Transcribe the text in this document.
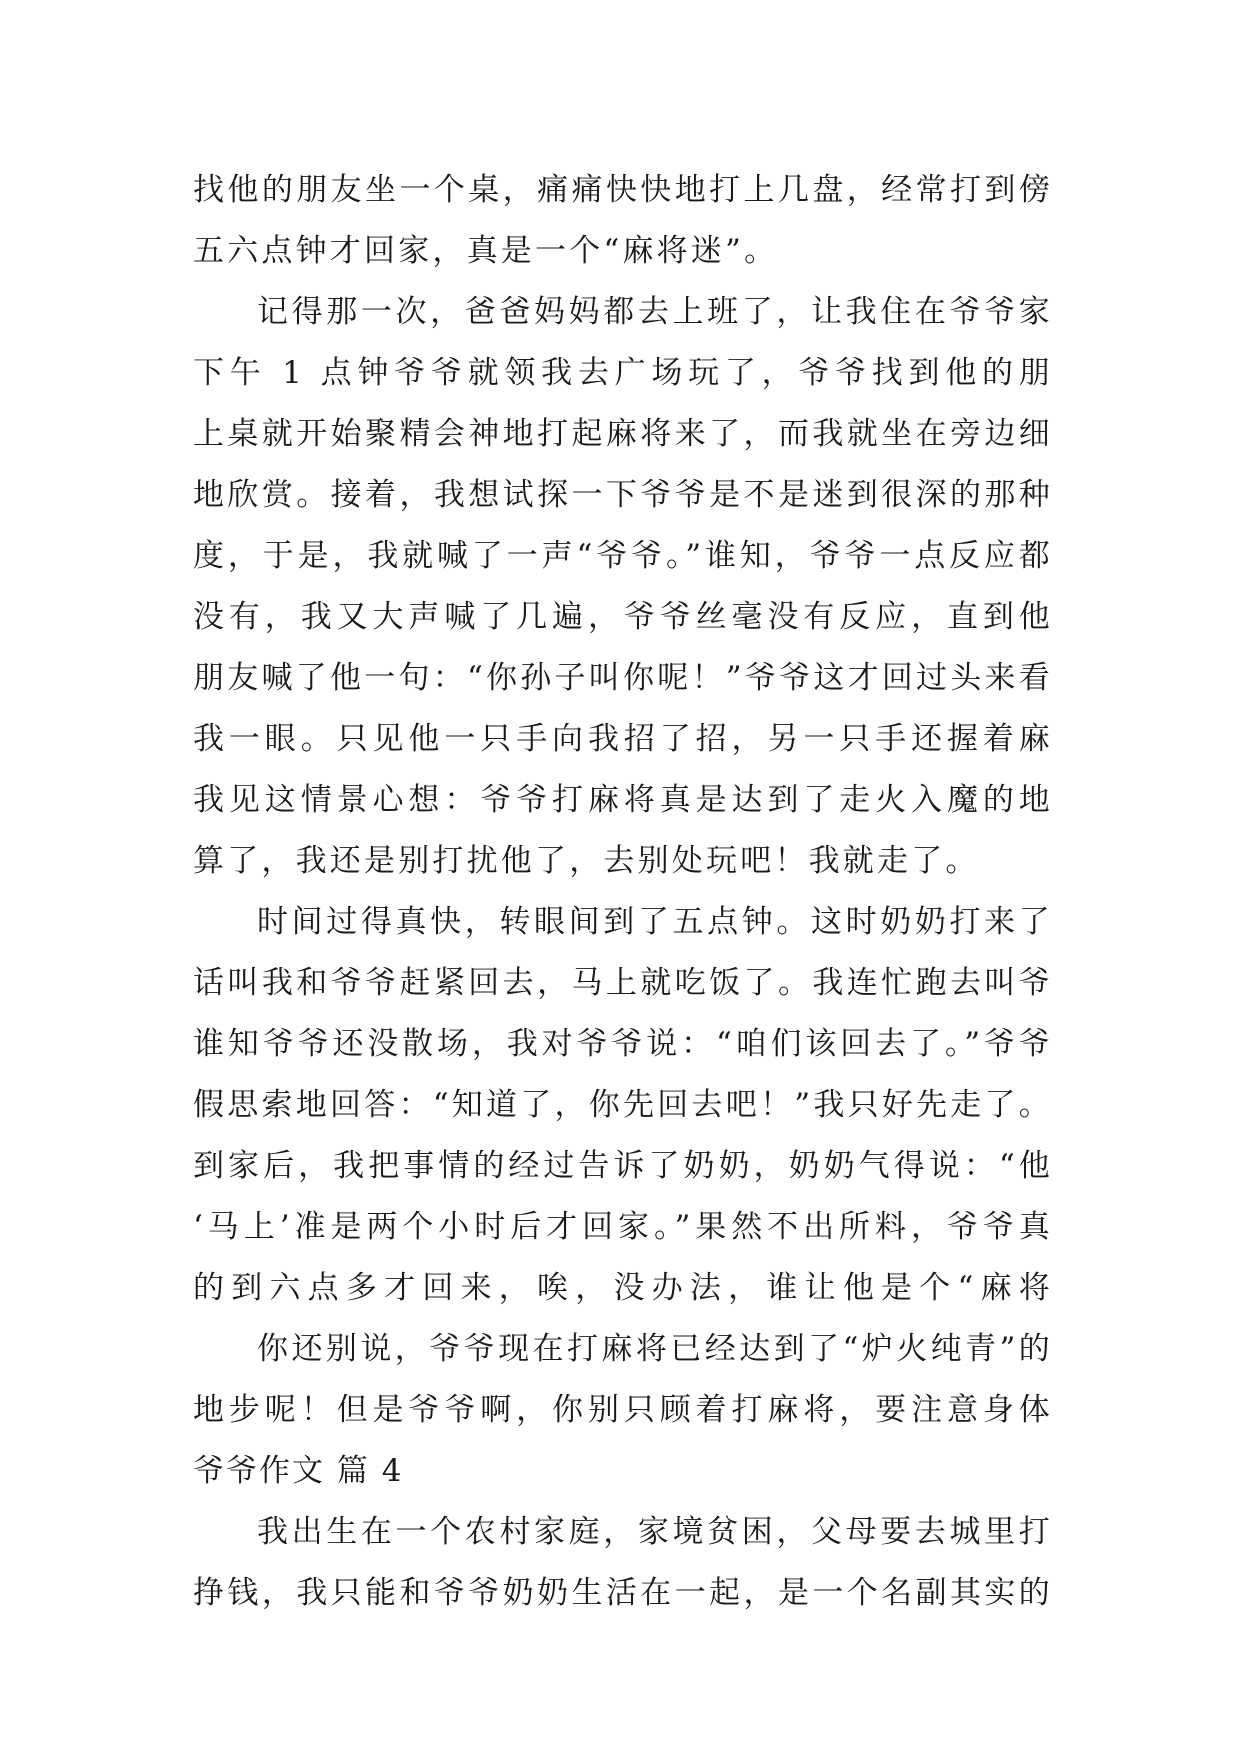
找他的朋友坐一个桌，痛痛快快地打上几盘，经常打到傍
五六点钟才回家，真是一个“麻将迷”。
记得那一次，爸爸妈妈都去上班了，让我住在爷爷家
下午 1 点钟爷爷就领我去广场玩了，爷爷找到他的朋
上桌就开始聚精会神地打起麻将来了，而我就坐在旁边细
地欣赏。接着，我想试探一下爷爷是不是迷到很深的那种
度，于是，我就喊了一声“爷爷。”谁知，爷爷一点反应都
没有，我又大声喊了几遍，爷爷丝毫没有反应，直到他
朋友喊了他一句：“你孙子叫你呢！”爷爷这才回过头来看
我一眼。只见他一只手向我招了招，另一只手还握着麻
我见这情景心想：爷爷打麻将真是达到了走火入魔的地
算了，我还是别打扰他了，去别处玩吧！我就走了。
时间过得真快，转眼间到了五点钟。这时奶奶打来了
话叫我和爷爷赶紧回去，马上就吃饭了。我连忙跑去叫爷
谁知爷爷还没散场，我对爷爷说：“咱们该回去了。”爷爷
假思索地回答：“知道了，你先回去吧！”我只好先走了。
到家后，我把事情的经过告诉了奶奶，奶奶气得说：“他
‘马上’准是两个小时后才回家。”果然不出所料，爷爷真
的到六点多才回来，唉，没办法，谁让他是个“麻将
你还别说，爷爷现在打麻将已经达到了“炉火纯青”的
地步呢！但是爷爷啊，你别只顾着打麻将，要注意身体
爷爷作文 篇 4
我出生在一个农村家庭，家境贫困，父母要去城里打
挣钱，我只能和爷爷奶奶生活在一起，是一个名副其实的
